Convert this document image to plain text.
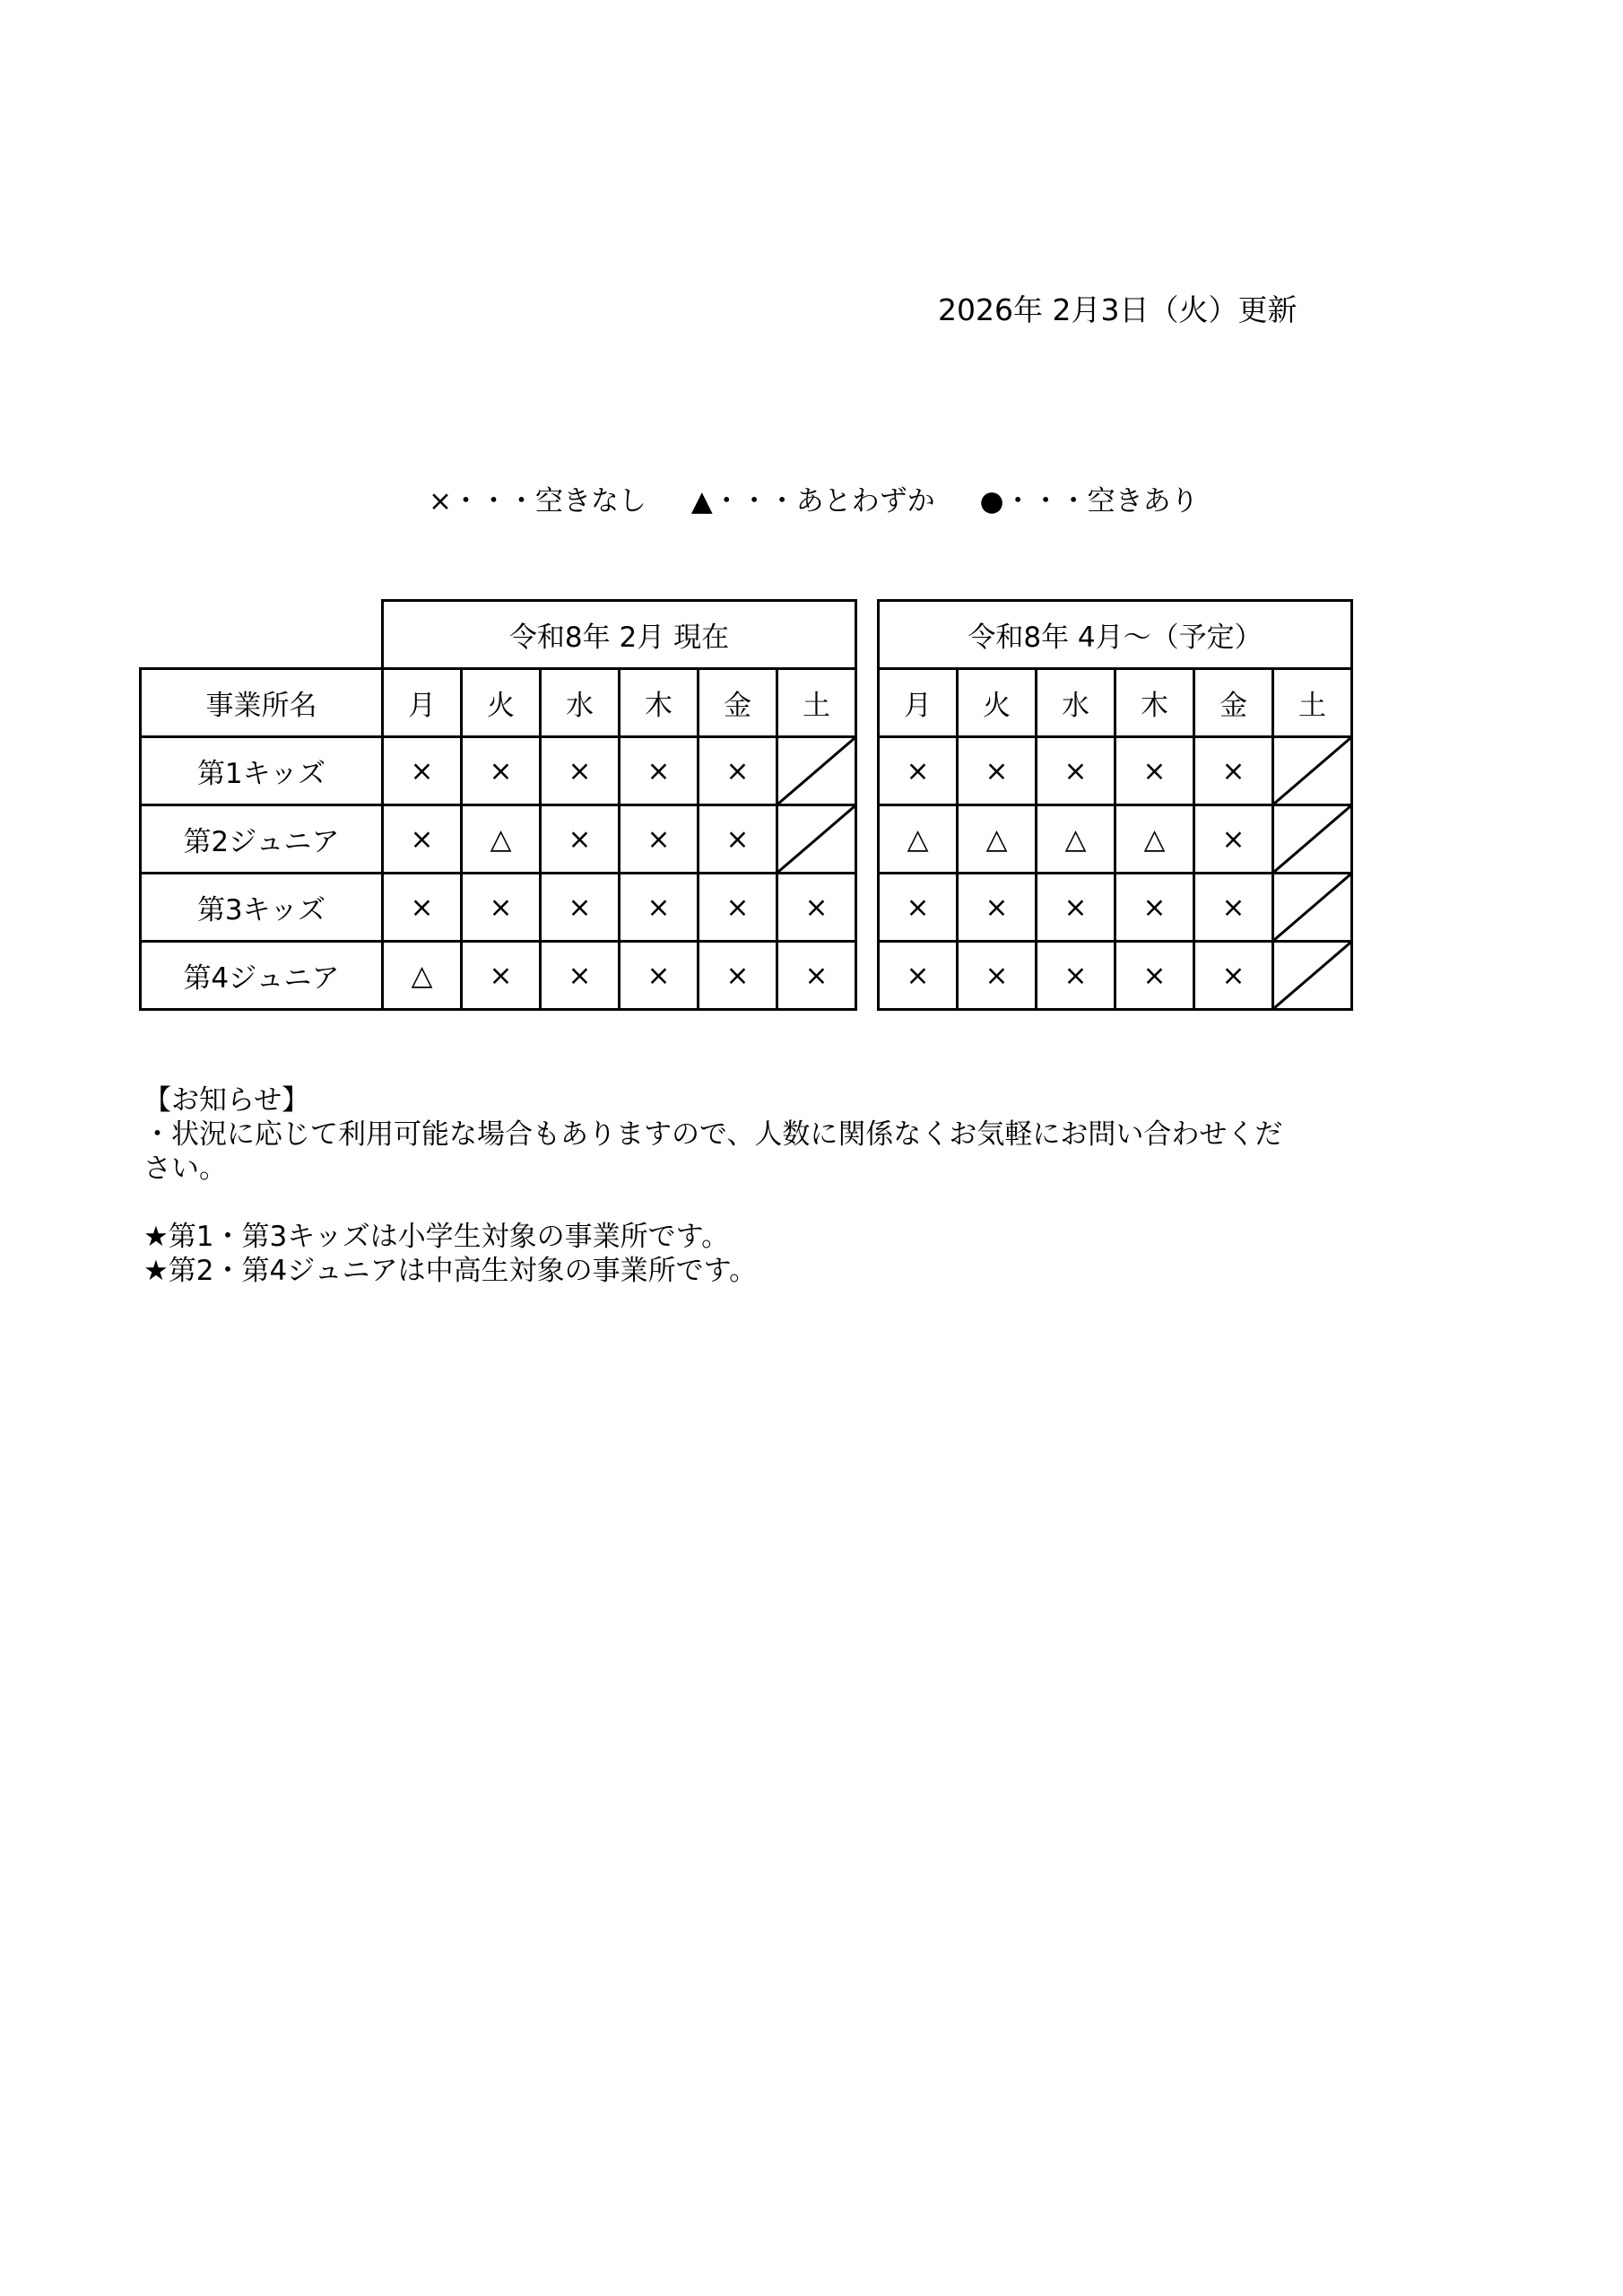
2026年 2月3日（火）更新
×・・・空きなし ▲・・・あとわずか ●・・・空きあり
	令和8年 2月 現在					
事業所名	月	火	水	木	金	土
第1キッズ	×	×	×	×	×	

第2ジュニア	×	△	×	×	×	

第3キッズ	×	×	×	×	×	×
第4ジュニア	△	×	×	×	×	×
令和8年 4月～（予定）					
月	火	水	木	金	土
×	×	×	×	×	

△	△	△	△	×	

×	×	×	×	×	

×	×	×	×	×	

【お知らせ】

・状況に応じて利用可能な場合もありますので、人数に関係なくお気軽にお問い合わせください。

★第1・第3キッズは小学生対象の事業所です。

★第2・第4ジュニアは中高生対象の事業所です。
